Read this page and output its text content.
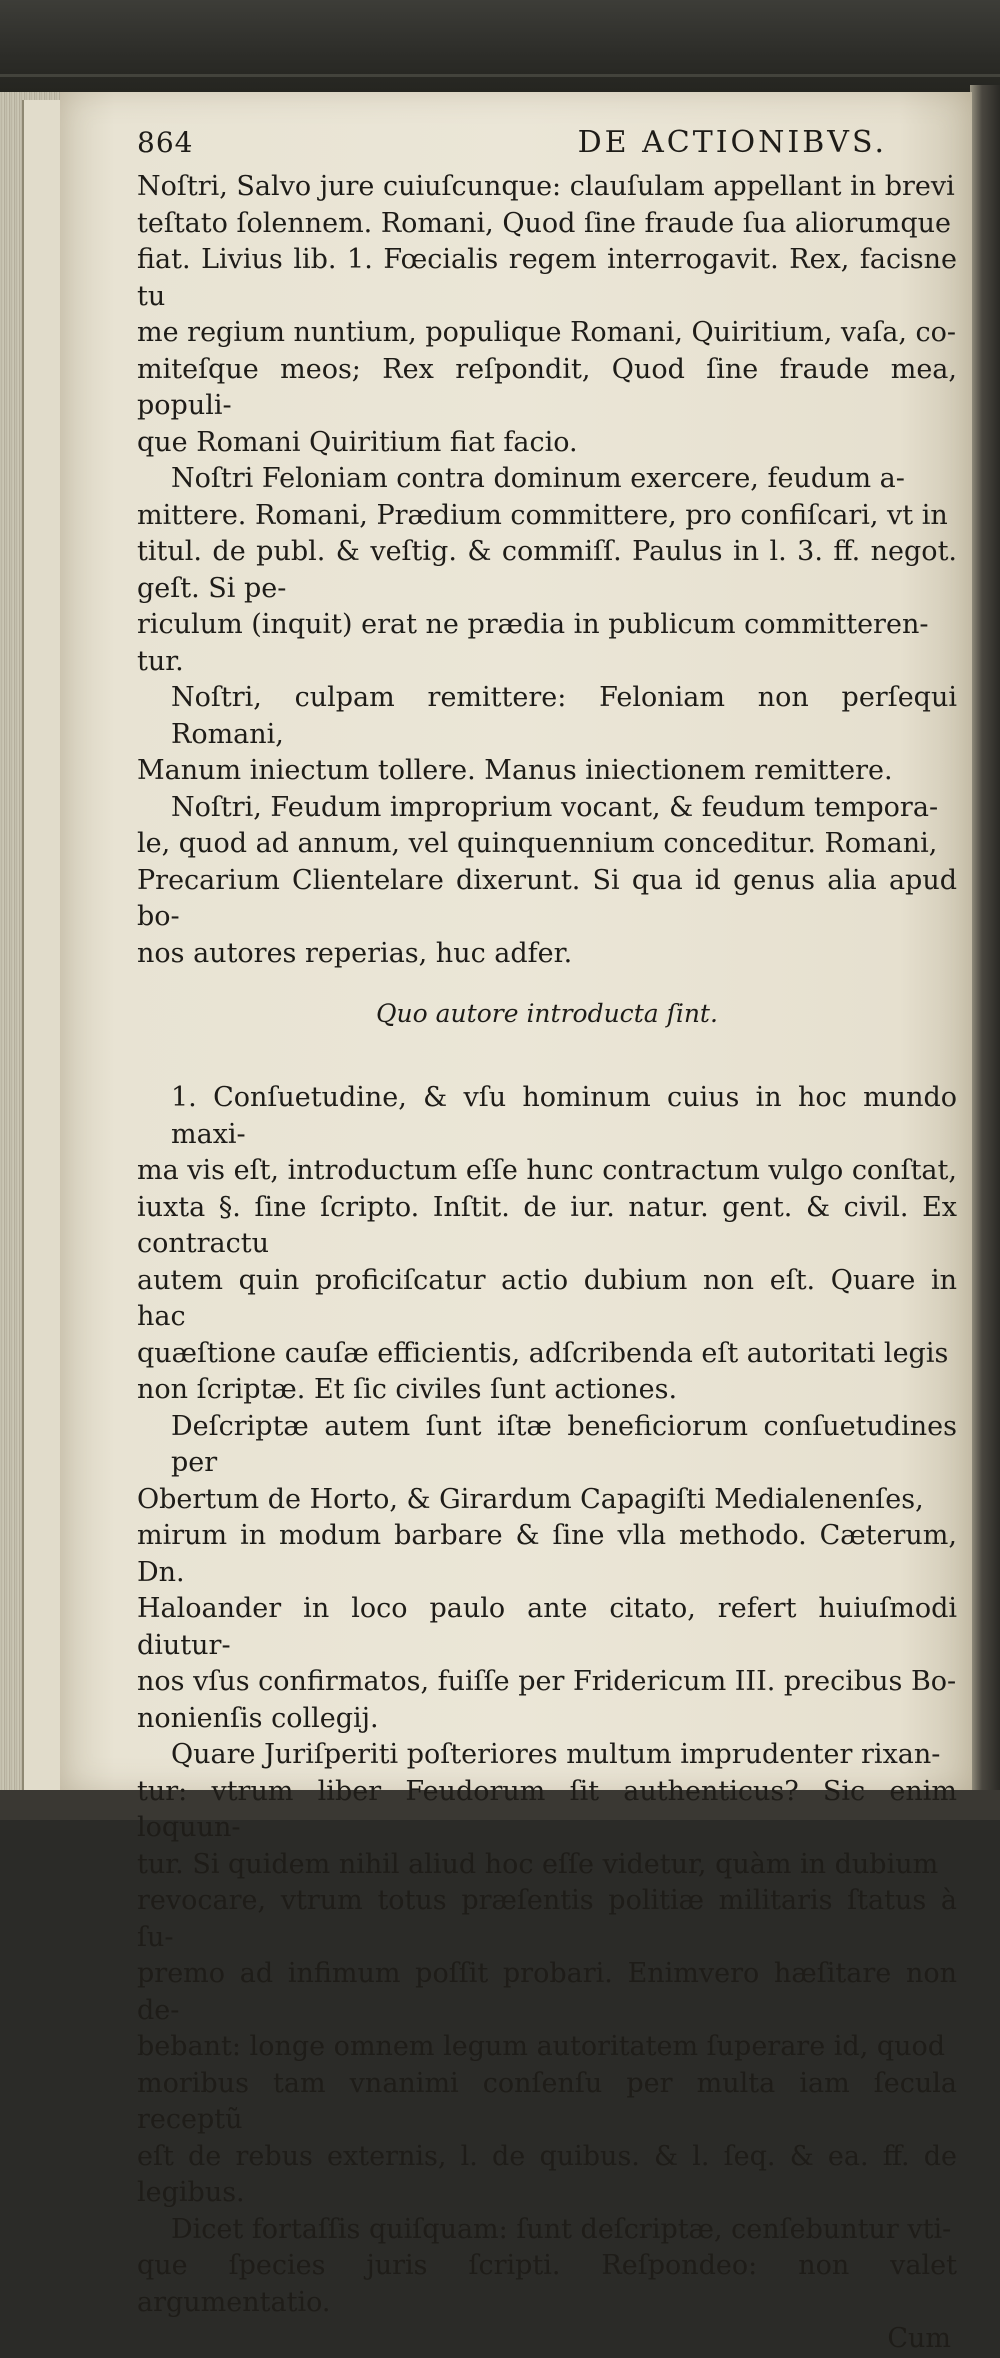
864	DE ACTIONIBVS.

Noſtri, Salvo jure cuiuſcunque: clauſulam appellant in brevi
teſtato ſolennem. Romani, Quod ſine fraude ſua aliorumque
fiat. Livius lib. 1. Fœcialis regem interrogavit. Rex, facisne tu
me regium nuntium, populique Romani, Quiritium, vaſa, co-
miteſque meos; Rex reſpondit, Quod ſine fraude mea, populi-
que Romani Quiritium fiat facio.

Noſtri Feloniam contra dominum exercere, feudum a-
mittere. Romani, Prædium committere, pro confiſcari, vt in
titul. de publ. & veſtig. & commiſſ. Paulus in l. 3. ff. negot. geſt. Si pe-
riculum (inquit) erat ne prædia in publicum committeren-
tur.

Noſtri, culpam remittere: Feloniam non perſequi Romani,
Manum iniectum tollere. Manus iniectionem remittere.

Noſtri, Feudum improprium vocant, & feudum tempora-
le, quod ad annum, vel quinquennium conceditur. Romani,
Precarium Clientelare dixerunt. Si qua id genus alia apud bo-
nos autores reperias, huc adfer.

Quo autore introducta ſint.

1. Conſuetudine, & vſu hominum cuius in hoc mundo maxi-
ma vis eſt, introductum eſſe hunc contractum vulgo conſtat,
iuxta §. ſine ſcripto. Inſtit. de iur. natur. gent. & civil. Ex contractu
autem quin proficiſcatur actio dubium non eſt. Quare in hac
quæſtione cauſæ efficientis, adſcribenda eſt autoritati legis
non ſcriptæ. Et ſic civiles ſunt actiones.

Deſcriptæ autem ſunt iſtæ beneficiorum conſuetudines per
Obertum de Horto, & Girardum Capagiſti Medialenenſes,
mirum in modum barbare & ſine vlla methodo. Cæterum, Dn.
Haloander in loco paulo ante citato, refert huiuſmodi diutur-
nos vſus confirmatos, fuiſſe per Fridericum III. precibus Bo-
nonienſis collegij.

Quare Juriſperiti poſteriores multum imprudenter rixan-
tur: vtrum liber Feudorum ſit authenticus? Sic enim loquun-
tur. Si quidem nihil aliud hoc eſſe videtur, quàm in dubium
revocare, vtrum totus præſentis politiæ militaris ſtatus à ſu-
premo ad infimum poſſit probari. Enimvero hæſitare non de-
bebant: longe omnem legum autoritatem ſuperare id, quod
moribus tam vnanimi conſenſu per multa iam ſecula receptũ
eſt de rebus externis, l. de quibus. & l. ſeq. & ea. ff. de legibus.

Dicet fortaſſis quiſquam: ſunt deſcriptæ, cenſebuntur vti-
que ſpecies juris ſcripti. Reſpondeo: non valet argumentatio.

Cum
